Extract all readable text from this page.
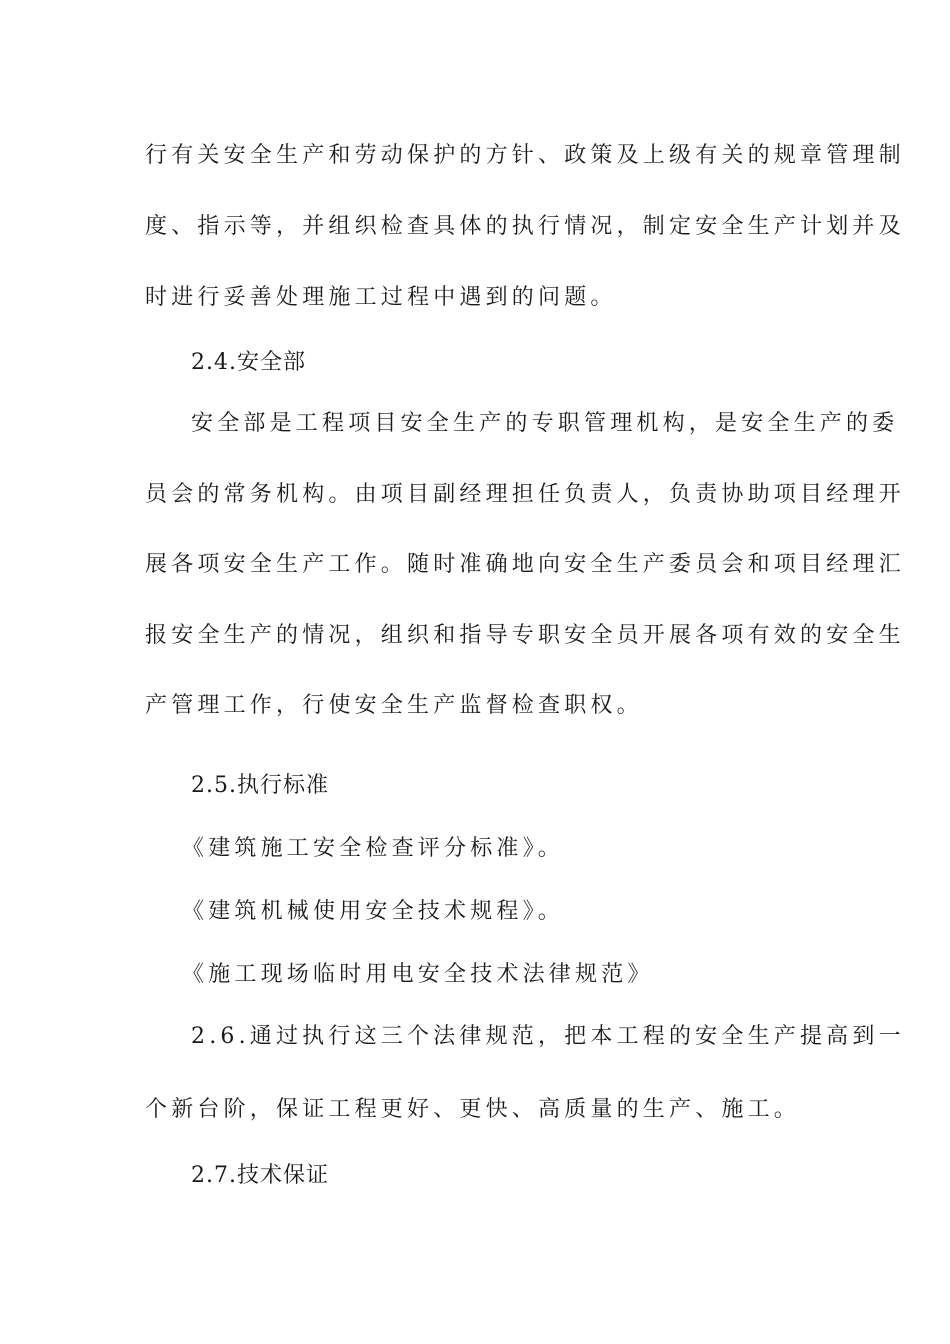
行有关安全生产和劳动保护的方针、政策及上级有关的规章管理制
度、指示等，并组织检查具体的执行情况，制定安全生产计划并及
时进行妥善处理施工过程中遇到的问题。
2.4.安全部
安全部是工程项目安全生产的专职管理机构，是安全生产的委
员会的常务机构。由项目副经理担任负责人，负责协助项目经理开
展各项安全生产工作。随时准确地向安全生产委员会和项目经理汇
报安全生产的情况，组织和指导专职安全员开展各项有效的安全生
产管理工作，行使安全生产监督检查职权。
2.5.执行标准
《建筑施工安全检查评分标准》。
《建筑机械使用安全技术规程》。
《施工现场临时用电安全技术法律规范》
2.6.通过执行这三个法律规范，把本工程的安全生产提高到一
个新台阶，保证工程更好、更快、高质量的生产、施工。
2.7.技术保证
